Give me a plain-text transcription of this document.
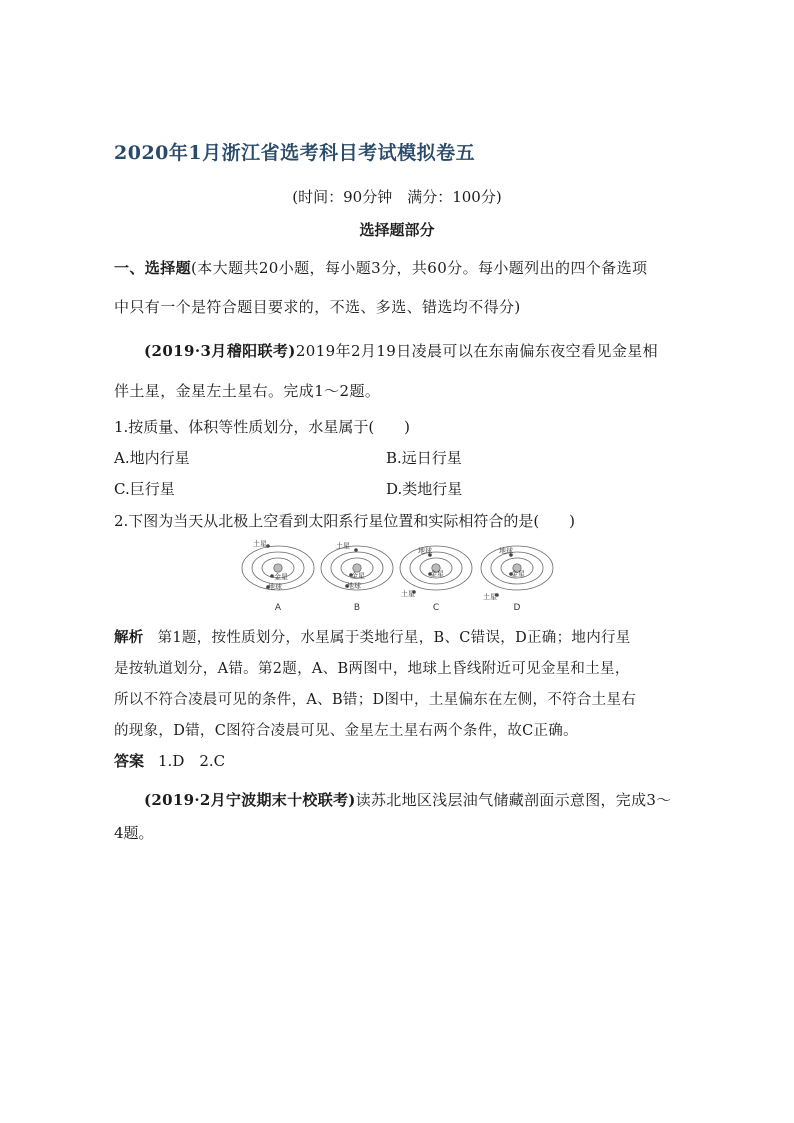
2020年1月浙江省选考科目考试模拟卷五
(时间：90分钟　满分：100分)
选择题部分
一、选择题(本大题共20小题，每小题3分，共60分。每小题列出的四个备选项
中只有一个是符合题目要求的，不选、多选、错选均不得分)
(2019·3月稽阳联考)2019年2月19日凌晨可以在东南偏东夜空看见金星相
伴土星，金星左土星右。完成1～2题。
1.按质量、体积等性质划分，水星属于(　　)
A.地内行星	B.远日行星
C.巨行星	D.类地行星
2.下图为当天从北极上空看到太阳系行星位置和实际相符合的是(　　)
土星
金星
地球
A
土星
金星
地球
B
地球
金星
土星
C
地球
金星
土星
D
解析 第1题，按性质划分，水星属于类地行星，B、C错误，D正确；地内行星
是按轨道划分，A错。第2题，A、B两图中，地球上昏线附近可见金星和土星，
所以不符合凌晨可见的条件，A、B错；D图中，土星偏东在左侧，不符合土星右
的现象，D错，C图符合凌晨可见、金星左土星右两个条件，故C正确。
答案 1.D　2.C
(2019·2月宁波期末十校联考)读苏北地区浅层油气储藏剖面示意图，完成3～
4题。
